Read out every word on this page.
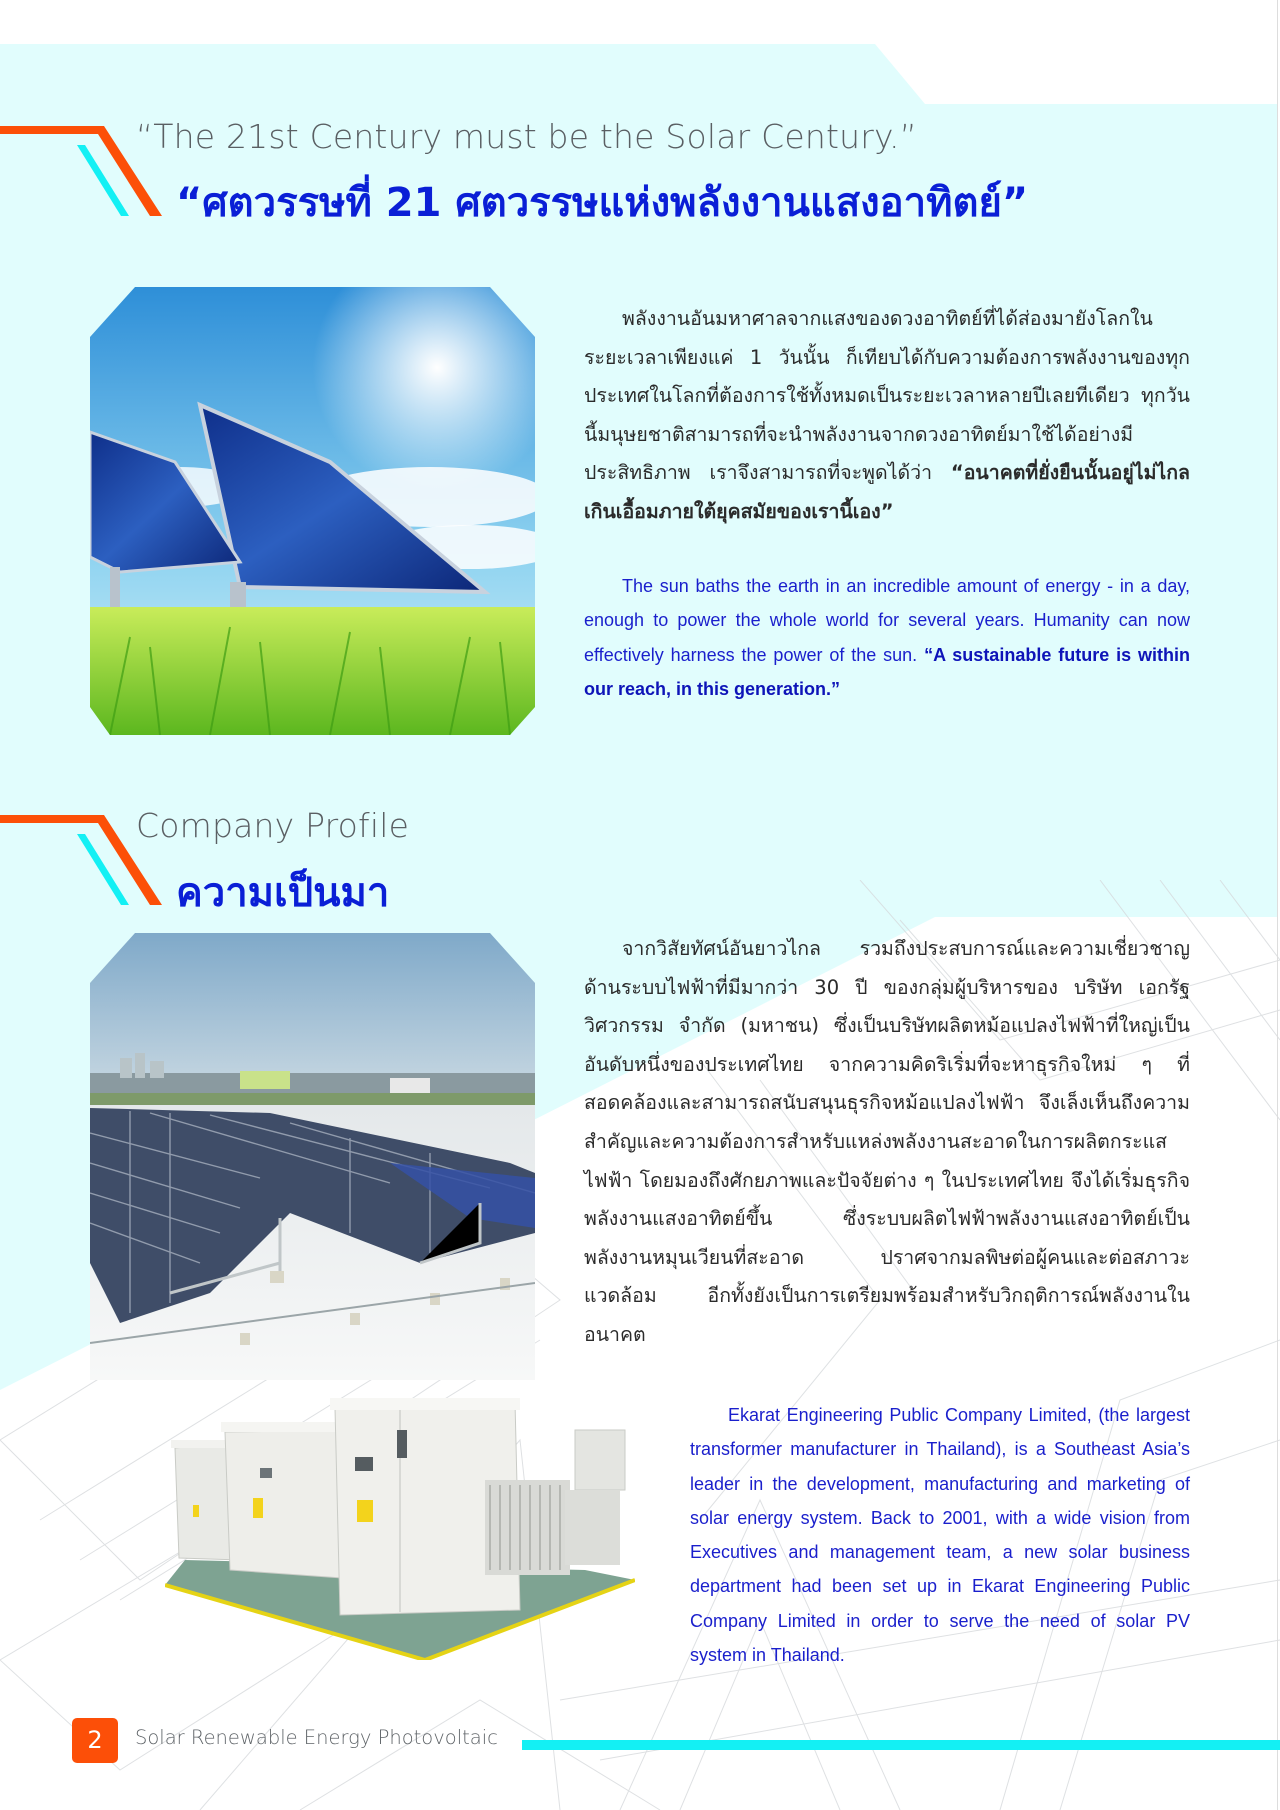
“The 21st Century must be the Solar Century.”
“ศตวรรษที่ 21 ศตวรรษแห่งพลังงานแสงอาทิตย์”

พลังงานอันมหาศาลจากแสงของดวงอาทิตย์ที่ได้ส่องมายังโลกในระยะเวลาเพียงแค่ 1 วันนั้น ก็เทียบได้กับความต้องการพลังงานของทุกประเทศในโลกที่ต้องการใช้ทั้งหมดเป็นระยะเวลาหลายปีเลยทีเดียว ทุกวันนี้มนุษยชาติสามารถที่จะนำพลังงานจากดวงอาทิตย์มาใช้ได้อย่างมีประสิทธิภาพ เราจึงสามารถที่จะพูดได้ว่า “อนาคตที่ยั่งยืนนั้นอยู่ไม่ไกลเกินเอื้อมภายใต้ยุคสมัยของเรานี้เอง”

The sun baths the earth in an incredible amount of energy - in a day, enough to power the whole world for several years. Humanity can now effectively harness the power of the sun. “A sustainable future is within our reach, in this generation.”

Company Profile
ความเป็นมา

จากวิสัยทัศน์อันยาวไกล รวมถึงประสบการณ์และความเชี่ยวชาญด้านระบบไฟฟ้าที่มีมากว่า 30 ปี ของกลุ่มผู้บริหารของ บริษัท เอกรัฐวิศวกรรม จำกัด (มหาชน) ซึ่งเป็นบริษัทผลิตหม้อแปลงไฟฟ้าที่ใหญ่เป็นอันดับหนึ่งของประเทศไทย จากความคิดริเริ่มที่จะหาธุรกิจใหม่ ๆ ที่สอดคล้องและสามารถสนับสนุนธุรกิจหม้อแปลงไฟฟ้า จึงเล็งเห็นถึงความสำคัญและความต้องการสำหรับแหล่งพลังงานสะอาดในการผลิตกระแสไฟฟ้า โดยมองถึงศักยภาพและปัจจัยต่าง ๆ ในประเทศไทย จึงได้เริ่มธุรกิจพลังงานแสงอาทิตย์ขึ้น ซึ่งระบบผลิตไฟฟ้าพลังงานแสงอาทิตย์เป็นพลังงานหมุนเวียนที่สะอาด ปราศจากมลพิษต่อผู้คนและต่อสภาวะแวดล้อม อีกทั้งยังเป็นการเตรียมพร้อมสำหรับวิกฤติการณ์พลังงานในอนาคต

Ekarat Engineering Public Company Limited, (the largest transformer manufacturer in Thailand), is a Southeast Asia’s leader in the development, manufacturing and marketing of solar energy system. Back to 2001, with a wide vision from Executives and management team, a new solar business department had been set up in Ekarat Engineering Public Company Limited in order to serve the need of solar PV system in Thailand.

2	Solar Renewable Energy Photovoltaic
